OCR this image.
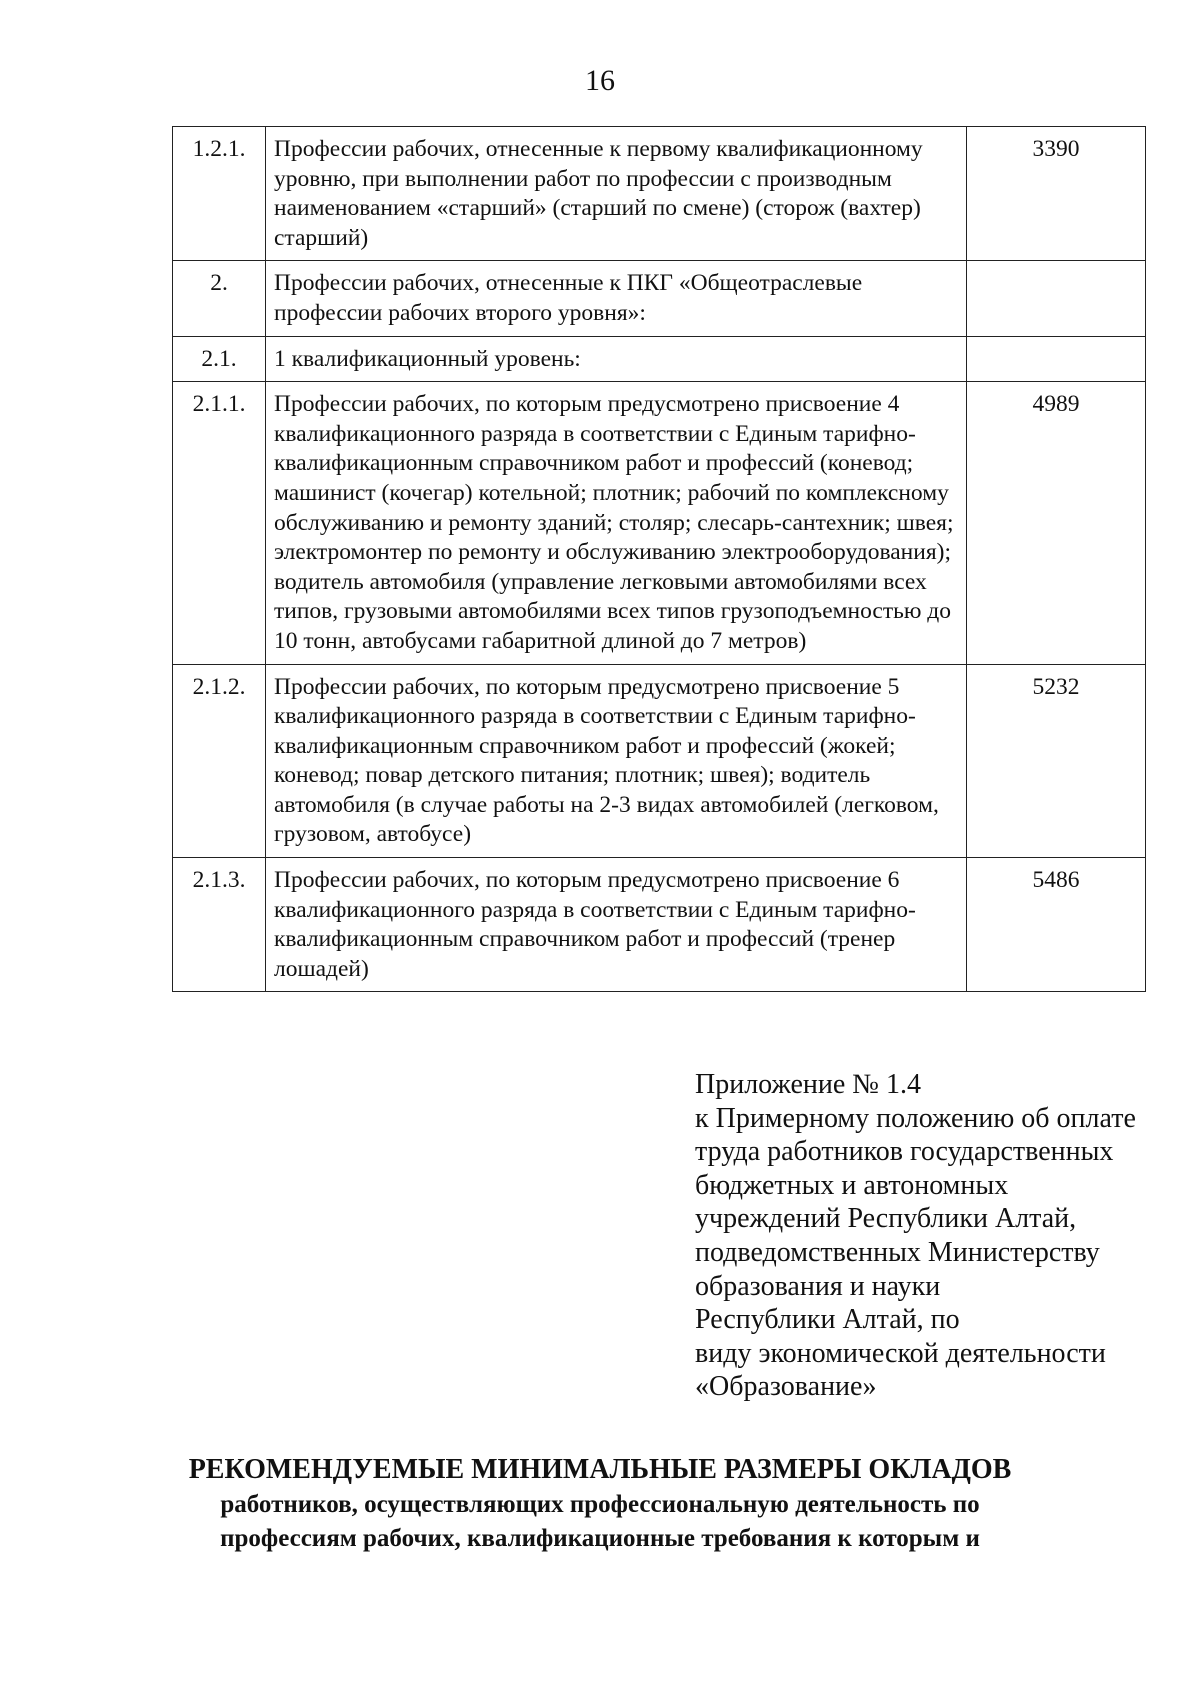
16
1.2.1.	Профессии рабочих, отнесенные к первому квалификационному уровню, при выполнении работ по профессии с производным наименованием «старший» (старший по смене) (сторож (вахтер) старший)	3390
2.	Профессии рабочих, отнесенные к ПКГ «Общеотраслевые профессии рабочих второго уровня»:	
2.1.	1 квалификационный уровень:	
2.1.1.	Профессии рабочих, по которым предусмотрено присвоение 4 квалификационного разряда в соответствии с Единым тарифно-квалификационным справочником работ и профессий (коневод; машинист (кочегар) котельной; плотник; рабочий по комплексному обслуживанию и ремонту зданий; столяр; слесарь-сантехник; швея; электромонтер по ремонту и обслуживанию электрооборудования); водитель автомобиля (управление легковыми автомобилями всех типов, грузовыми автомобилями всех типов грузоподъемностью до 10 тонн, автобусами габаритной длиной до 7 метров)	4989
2.1.2.	Профессии рабочих, по которым предусмотрено присвоение 5 квалификационного разряда в соответствии с Единым тарифно-квалификационным справочником работ и профессий (жокей; коневод; повар детского питания; плотник; швея); водитель автомобиля (в случае работы на 2-3 видах автомобилей (легковом, грузовом, автобусе)	5232
2.1.3.	Профессии рабочих, по которым предусмотрено присвоение 6 квалификационного разряда в соответствии с Единым тарифно-квалификационным справочником работ и профессий (тренер лошадей)	5486
Приложение № 1.4
к Примерному положению об оплате
труда работников государственных
бюджетных и автономных
учреждений Республики Алтай,
подведомственных Министерству
образования и науки
Республики Алтай, по
виду экономической деятельности
«Образование»
РЕКОМЕНДУЕМЫЕ МИНИМАЛЬНЫЕ РАЗМЕРЫ ОКЛАДОВ
работников, осуществляющих профессиональную деятельность по
профессиям рабочих, квалификационные требования к которым и
